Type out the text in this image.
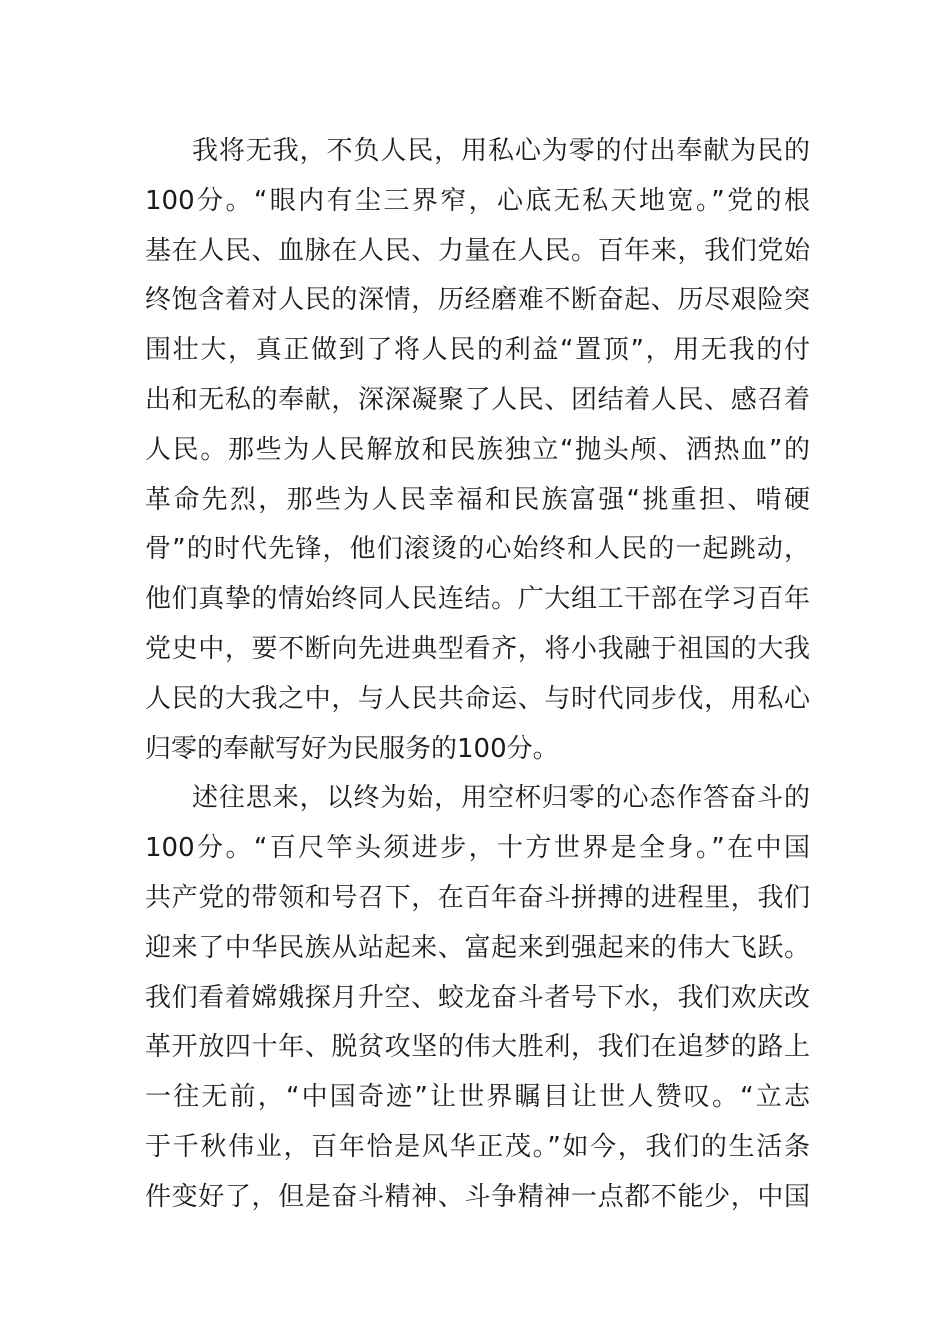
我将无我，不负人民，用私心为零的付出奉献为民的
100分。“眼内有尘三界窄，心底无私天地宽。”党的根
基在人民、血脉在人民、力量在人民。百年来，我们党始
终饱含着对人民的深情，历经磨难不断奋起、历尽艰险突
围壮大，真正做到了将人民的利益“置顶”，用无我的付
出和无私的奉献，深深凝聚了人民、团结着人民、感召着
人民。那些为人民解放和民族独立“抛头颅、洒热血”的
革命先烈，那些为人民幸福和民族富强“挑重担、啃硬
骨”的时代先锋，他们滚烫的心始终和人民的一起跳动，
他们真挚的情始终同人民连结。广大组工干部在学习百年
党史中，要不断向先进典型看齐，将小我融于祖国的大我
人民的大我之中，与人民共命运、与时代同步伐，用私心
归零的奉献写好为民服务的100分。
述往思来，以终为始，用空杯归零的心态作答奋斗的
100分。“百尺竿头须进步，十方世界是全身。”在中国
共产党的带领和号召下，在百年奋斗拼搏的进程里，我们
迎来了中华民族从站起来、富起来到强起来的伟大飞跃。
我们看着嫦娥探月升空、蛟龙奋斗者号下水，我们欢庆改
革开放四十年、脱贫攻坚的伟大胜利，我们在追梦的路上
一往无前，“中国奇迹”让世界瞩目让世人赞叹。“立志
于千秋伟业，百年恰是风华正茂。”如今，我们的生活条
件变好了，但是奋斗精神、斗争精神一点都不能少，中国
